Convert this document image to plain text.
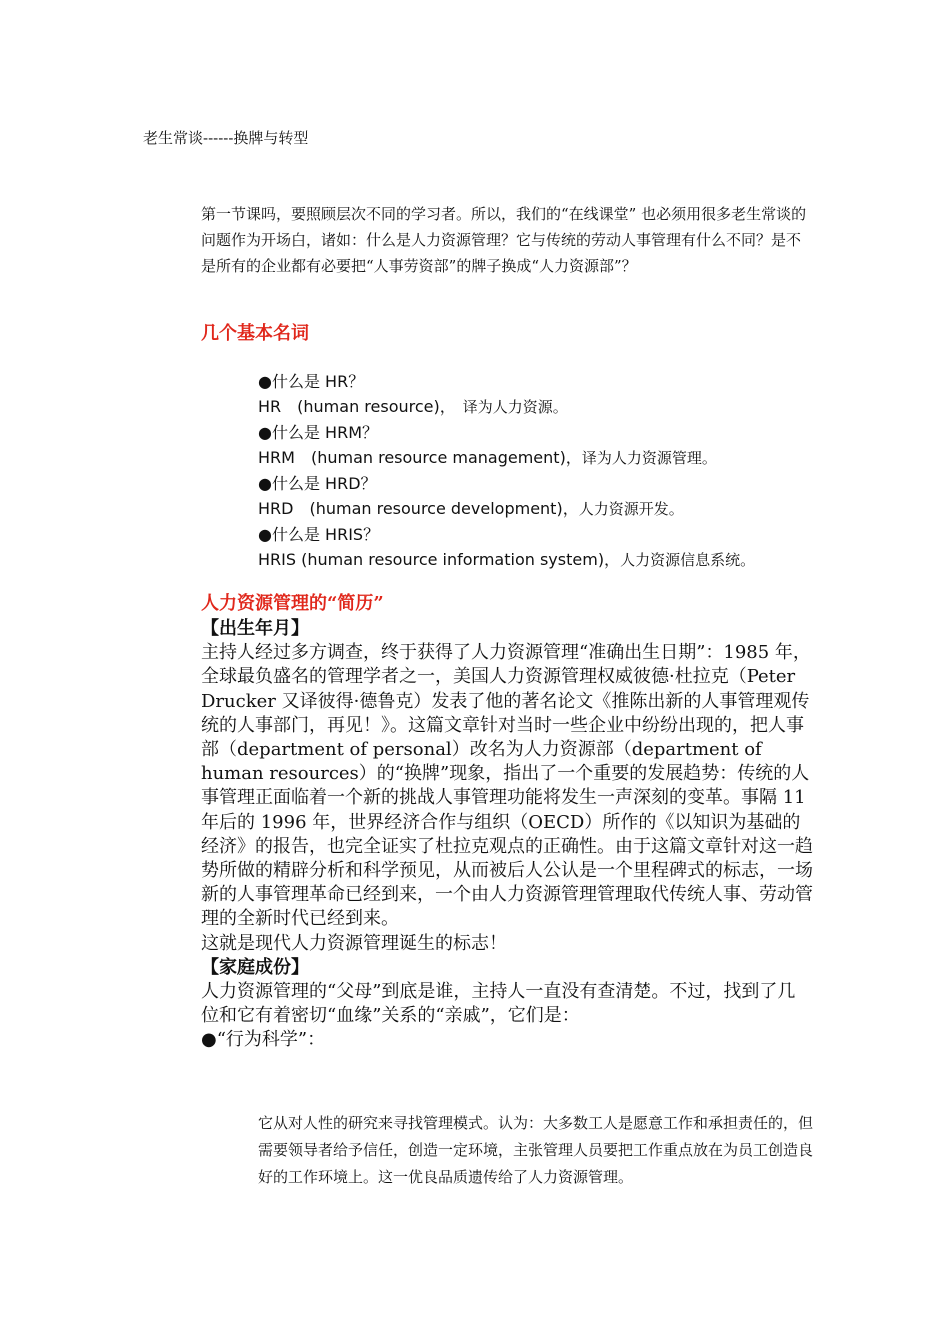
老生常谈------换牌与转型

第一节课吗，要照顾层次不同的学习者。所以，我们的“在线课堂” 也必须用很多老生常谈的问题作为开场白，诸如：什么是人力资源管理？它与传统的劳动人事管理有什么不同？是不是所有的企业都有必要把“人事劳资部”的牌子换成“人力资源部”？

几个基本名词
●什么是 HR？
HR　(human resource)，　译为人力资源。
●什么是 HRM？
HRM　(human resource management)，译为人力资源管理。
●什么是 HRD？
HRD　(human resource development)，人力资源开发。
●什么是 HRIS？
HRIS (human resource information system)，人力资源信息系统。
人力资源管理的“简历”

【出生年月】

主持人经过多方调查，终于获得了人力资源管理“准确出生日期”：1985 年，全球最负盛名的管理学者之一，美国人力资源管理权威彼德·杜拉克（Peter Drucker 又译彼得·德鲁克）发表了他的著名论文《推陈出新的人事管理观传统的人事部门，再见！》。这篇文章针对当时一些企业中纷纷出现的，把人事部（department of personal）改名为人力资源部（department of human resources）的“换牌”现象，指出了一个重要的发展趋势：传统的人事管理正面临着一个新的挑战人事管理功能将发生一声深刻的变革。事隔 11 年后的 1996 年，世界经济合作与组织（OECD）所作的《以知识为基础的经济》的报告，也完全证实了杜拉克观点的正确性。由于这篇文章针对这一趋势所做的精辟分析和科学预见，从而被后人公认是一个里程碑式的标志，一场新的人事管理革命已经到来，一个由人力资源管理管理取代传统人事、劳动管理的全新时代已经到来。

这就是现代人力资源管理诞生的标志！

【家庭成份】

人力资源管理的“父母”到底是谁，主持人一直没有查清楚。不过，找到了几位和它有着密切“血缘”关系的“亲戚”，它们是：

●“行为科学”：

它从对人性的研究来寻找管理模式。认为：大多数工人是愿意工作和承担责任的，但需要领导者给予信任，创造一定环境，主张管理人员要把工作重点放在为员工创造良好的工作环境上。这一优良品质遗传给了人力资源管理。
